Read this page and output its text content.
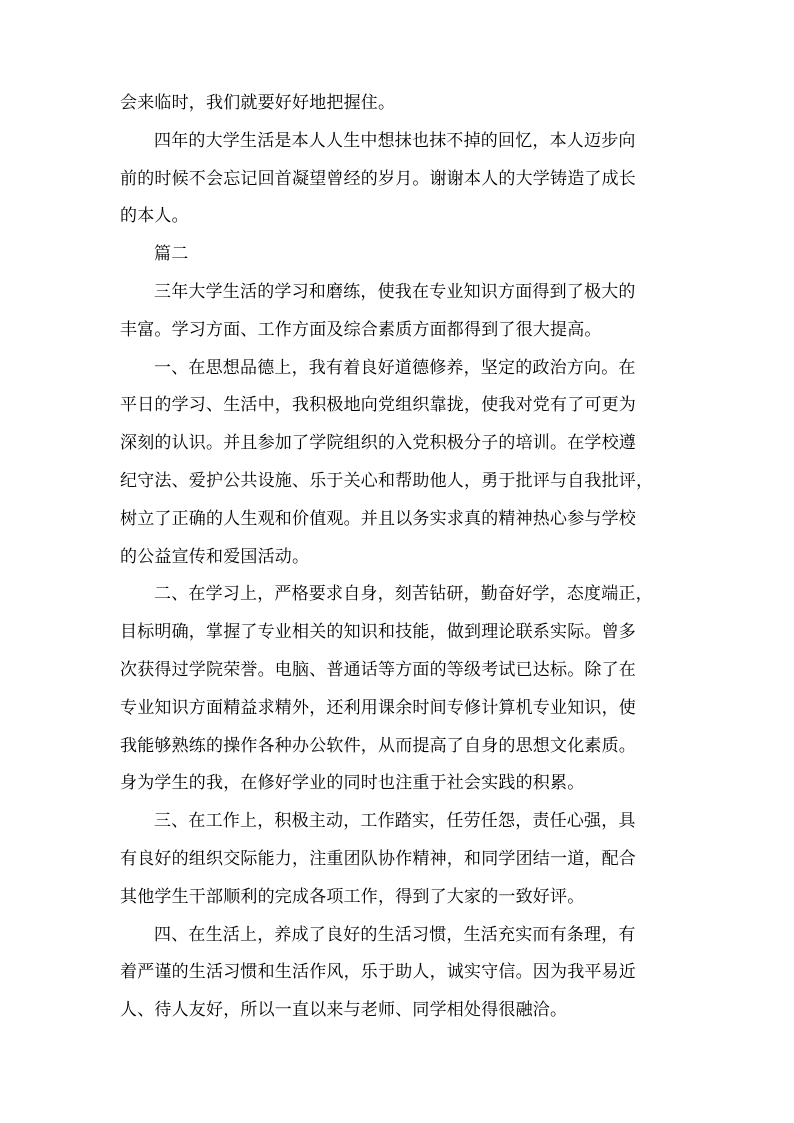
会来临时，我们就要好好地把握住。
四年的大学生活是本人人生中想抹也抹不掉的回忆，本人迈步向
前的时候不会忘记回首凝望曾经的岁月。谢谢本人的大学铸造了成长
的本人。
篇二
三年大学生活的学习和磨练，使我在专业知识方面得到了极大的
丰富。学习方面、工作方面及综合素质方面都得到了很大提高。
一、在思想品德上，我有着良好道德修养，坚定的政治方向。在
平日的学习、生活中，我积极地向党组织靠拢，使我对党有了可更为
深刻的认识。并且参加了学院组织的入党积极分子的培训。在学校遵
纪守法、爱护公共设施、乐于关心和帮助他人，勇于批评与自我批评，
树立了正确的人生观和价值观。并且以务实求真的精神热心参与学校
的公益宣传和爱国活动。
二、在学习上，严格要求自身，刻苦钻研，勤奋好学，态度端正，
目标明确，掌握了专业相关的知识和技能，做到理论联系实际。曾多
次获得过学院荣誉。电脑、普通话等方面的等级考试已达标。除了在
专业知识方面精益求精外，还利用课余时间专修计算机专业知识，使
我能够熟练的操作各种办公软件，从而提高了自身的思想文化素质。
身为学生的我，在修好学业的同时也注重于社会实践的积累。
三、在工作上，积极主动，工作踏实，任劳任怨，责任心强，具
有良好的组织交际能力，注重团队协作精神，和同学团结一道，配合
其他学生干部顺利的完成各项工作，得到了大家的一致好评。
四、在生活上，养成了良好的生活习惯，生活充实而有条理，有
着严谨的生活习惯和生活作风，乐于助人，诚实守信。因为我平易近
人、待人友好，所以一直以来与老师、同学相处得很融洽。
